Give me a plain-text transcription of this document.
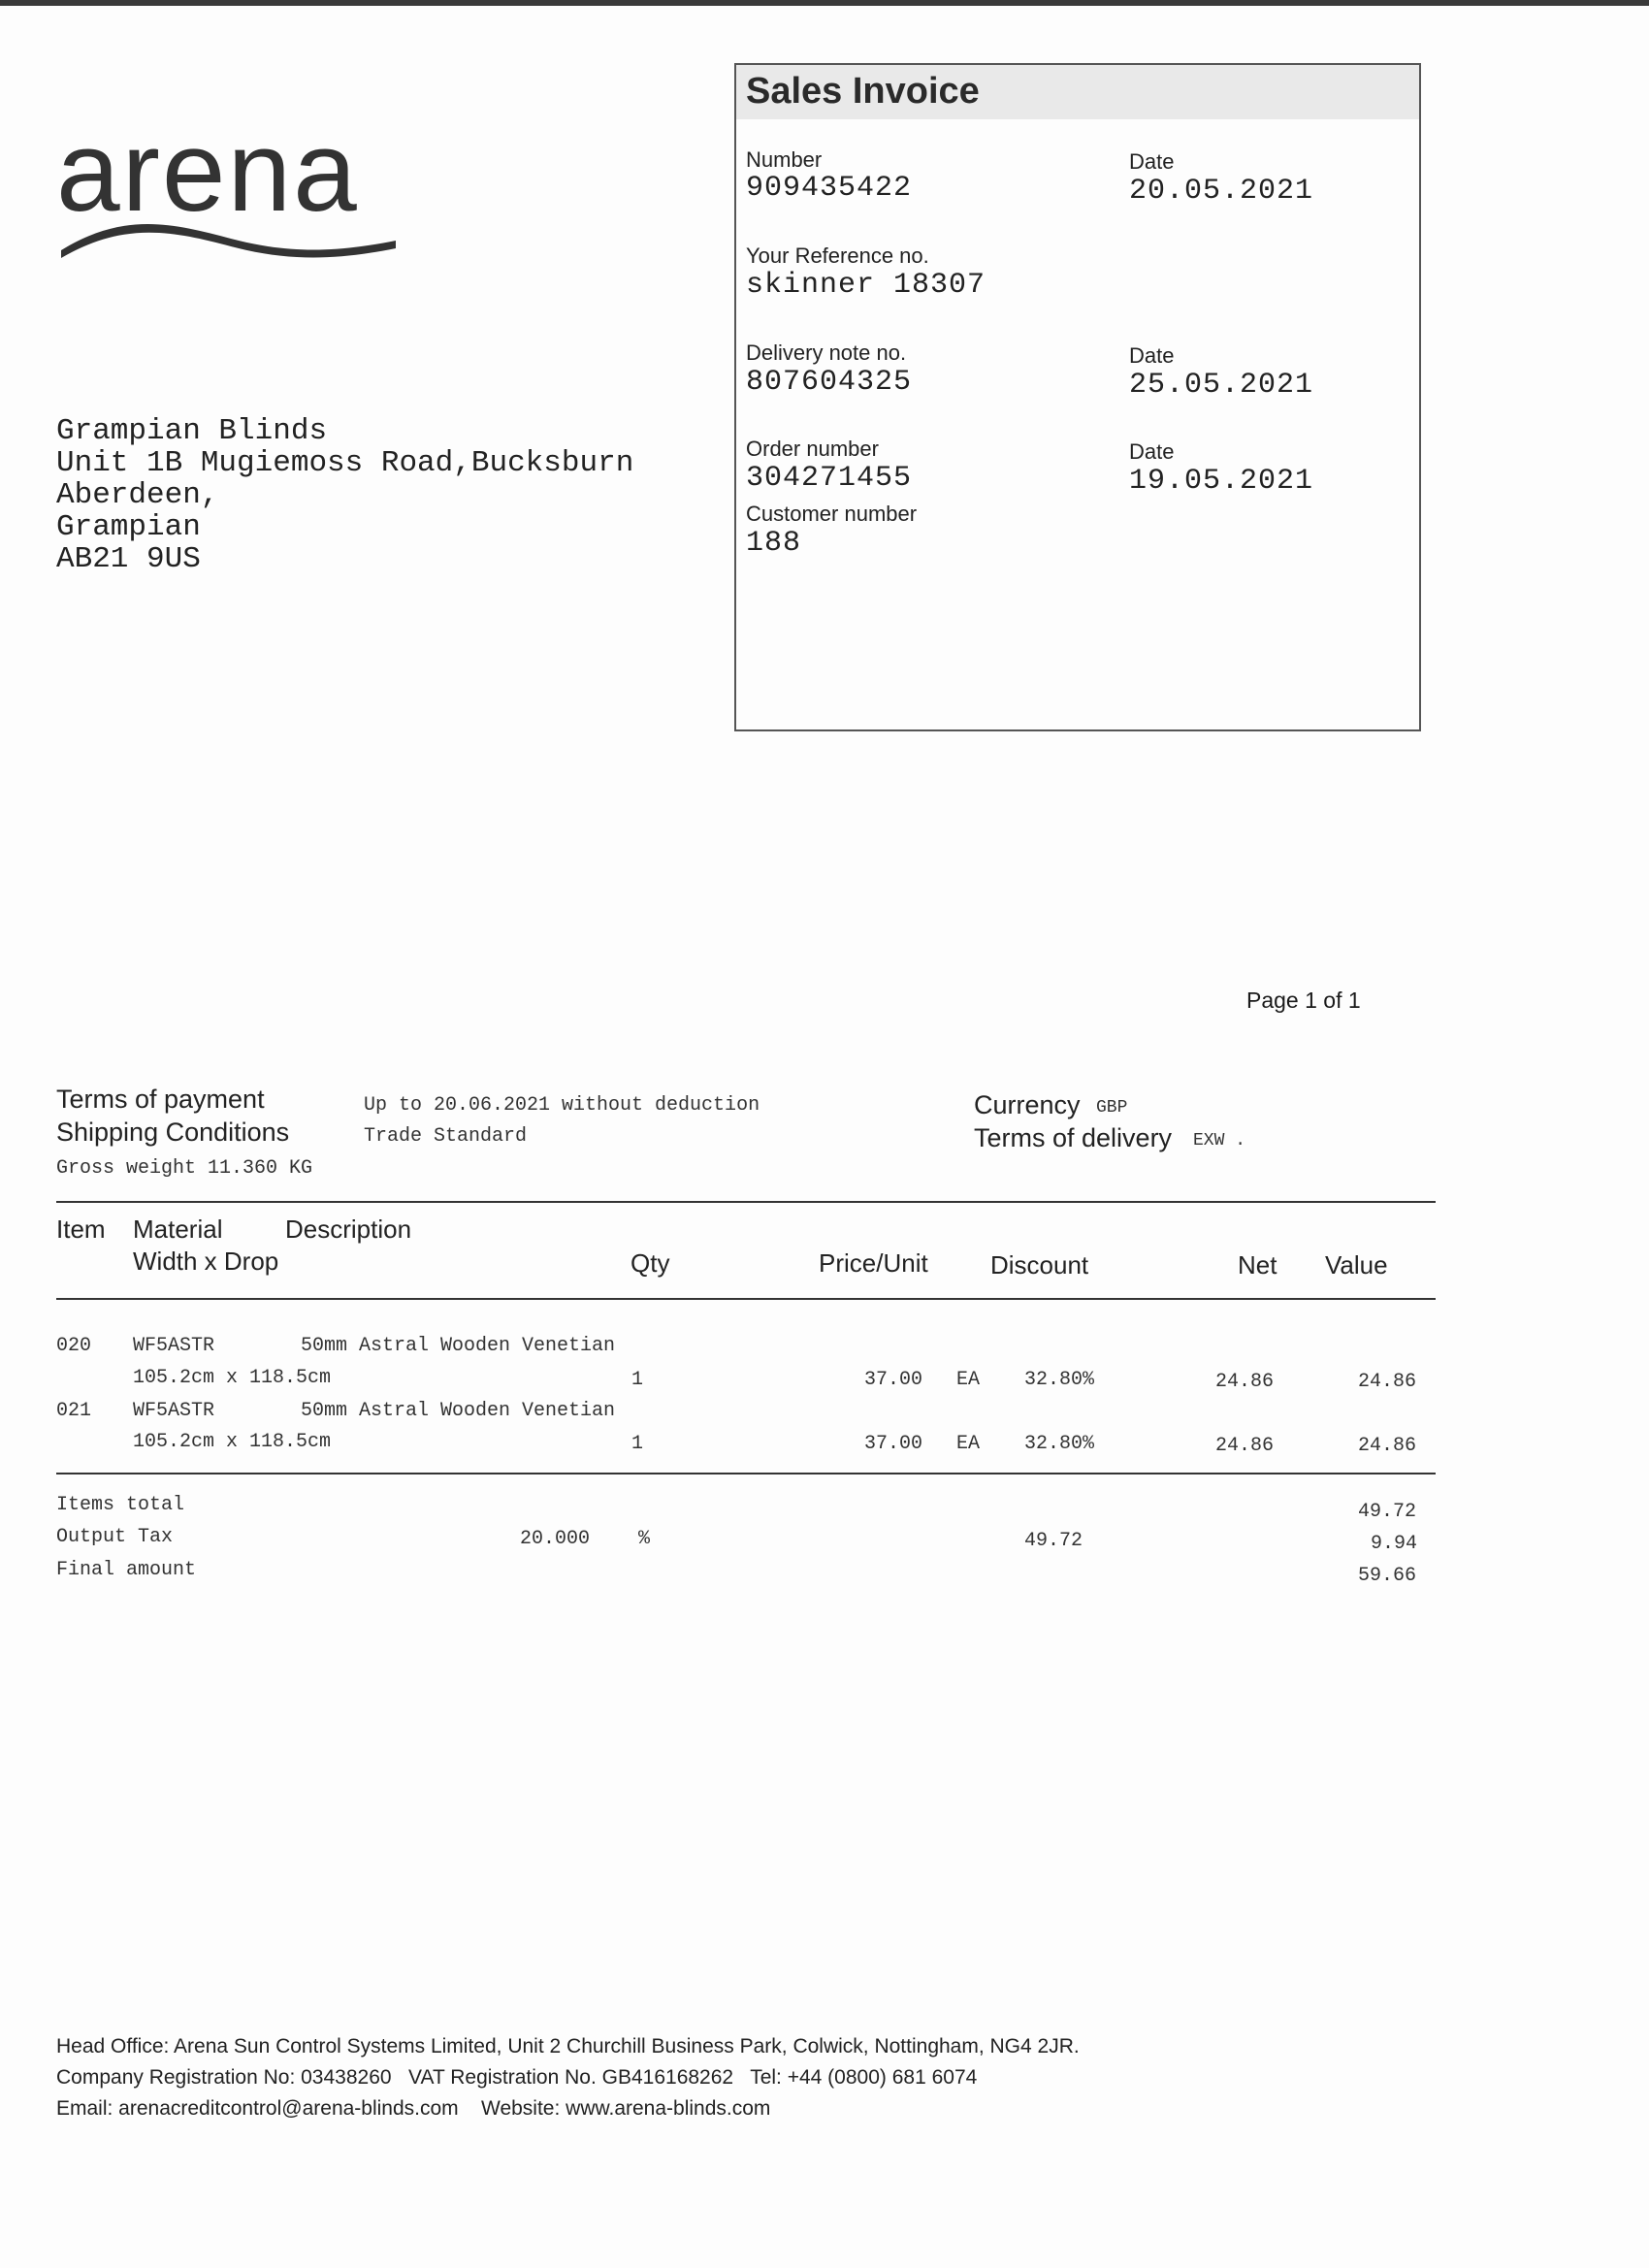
arena
Grampian Blinds
Unit 1B Mugiemoss Road,Bucksburn
Aberdeen,
Grampian
AB21 9US
Sales Invoice
Number
909435422
Date
20.05.2021
Your Reference no.
skinner 18307
Delivery note no.
807604325
Date
25.05.2021
Order number
304271455
Date
19.05.2021
Customer number
188
Page 1 of 1
Terms of payment	Up to 20.06.2021 without deduction
Shipping Conditions	Trade Standard
Gross weight 11.360 KG
Currency GBP
Terms of delivery EXW .
Item Material Description
Width x Drop	Qty	Price/Unit Discount	Net Value
020 WF5ASTR	50mm Astral Wooden Venetian
105.2cm x 118.5cm	1	37.00 EA 32.80%	24.86	24.86
021 WF5ASTR	50mm Astral Wooden Venetian
105.2cm x 118.5cm	1	37.00 EA 32.80%	24.86	24.86
Items total	49.72
Output Tax	20.000 %	49.72	9.94
Final amount	59.66
Head Office: Arena Sun Control Systems Limited, Unit 2 Churchill Business Park, Colwick, Nottingham, NG4 2JR.
Company Registration No: 03438260   VAT Registration No. GB416168262   Tel: +44 (0800) 681 6074
Email: arenacreditcontrol@arena-blinds.com    Website: www.arena-blinds.com
